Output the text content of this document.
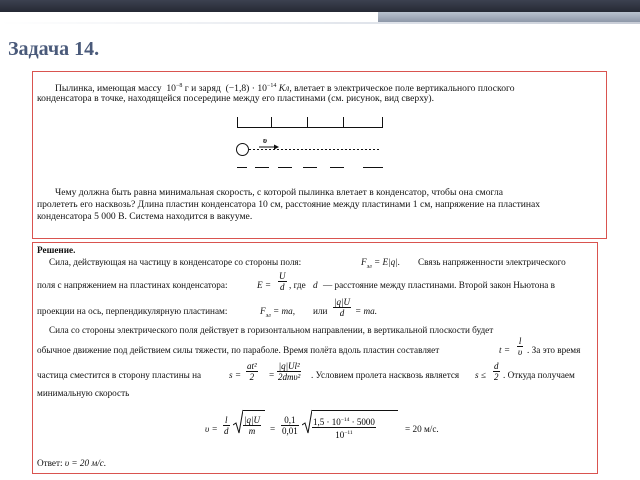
Задача 14.
Пылинка, имеющая массу $10^{-8}$ г и заряд $(-1,8) \cdot 10^{-14}$ Кл, влетает в электрическое поле вертикального плоского
конденсатора в точке, находящейся посередине между его пластинами (см. рисунок, вид сверху).
υ
Чему должна быть равна минимальная скорость, с которой пылинка влетает в конденсатор, чтобы она смогла
пролететь его насквозь? Длина пластин конденсатора 10 см, расстояние между пластинами 1 см, напряжение на пластинах
конденсатора 5 000 В. Система находится в вакууме.
Решение.
Сила, действующая на частицу в конденсаторе со стороны поля:	$F_{эл} = E|q|$. Связь напряженности электрического
поля с напряжением на пластинах конденсатора:	$E = \frac{U}{d}$ , где d — расстояние между пластинами. Второй закон Ньютона в
проекции на ось, перпендикулярную пластинам:	$F_{эл}$ = ma, или $\frac{|q|U}{d}$ = ma.
Сила со стороны электрического поля действует в горизонтальном направлении, в вертикальной плоскости будет
обычное движение под действием силы тяжести, по параболе. Время полёта вдоль пластин составляет	$t = \frac{l}{\upsilon}$ . За это время
частица сместится в сторону пластины на	$s = \frac{\text{at²}}{2}$ =
|q|Ul²
2dmυ² . Условием пролета насквозь является $s \le \frac{d}{2}$ . Откуда получаем
минимальную скорость
$\upsilon = \frac{l}{d} \frac{|q|U}{m} = \frac{0,1}{0,01} \frac{1,5 \cdot 10^{-14} \cdot 5000}{10^{-11}}$	= 20 м/с.
Ответ: υ = 20 м/с.
